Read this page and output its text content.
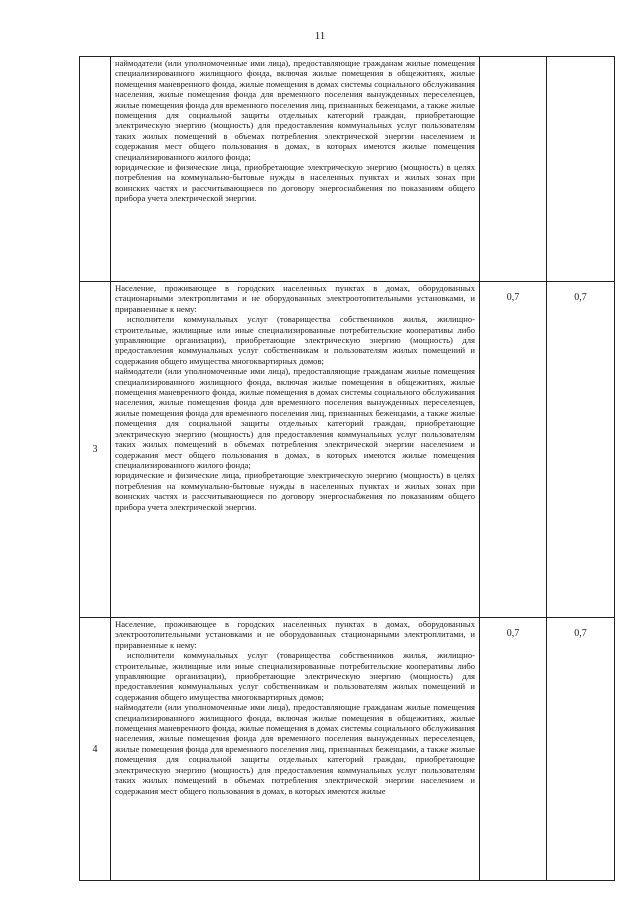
11

	наймодатели (или уполномоченные ими лица), предоставляющие гражданам жилые помещения специализированного жилищного фонда, включая жилые помещения в общежитиях, жилые помещения маневренного фонда, жилые помещения в домах системы социального обслуживания населения, жилые помещения фонда для временного поселения вынужденных переселенцев, жилые помещения фонда для временного поселения лиц, признанных беженцами, а также жилые помещения для социальной защиты отдельных категорий граждан, приобретающие электрическую энергию (мощность) для предоставления коммунальных услуг пользователям таких жилых помещений в объемах потребления электрической энергии населением и содержания мест общего пользования в домах, в которых имеются жилые помещения специализированного жилого фонда;

юридические и физические лица, приобретающие электрическую энергию (мощность) в целях потребления на коммунально-бытовые нужды в населенных пунктах и жилых зонах при воинских частях и рассчитывающиеся по договору энергоснабжения по показаниям общего прибора учета электрической энергии.		

3	Население, проживающее в городских населенных пунктах в домах, оборудованных стационарными электроплитами и не оборудованных электроотопительными установками, и приравненные к нему:

исполнители коммунальных услуг (товарищества собственников жилья, жилищно-строительные, жилищные или иные специализированные потребительские кооперативы либо управляющие организации), приобретающие электрическую энергию (мощность) для предоставления коммунальных услуг собственникам и пользователям жилых помещений и содержания общего имущества многоквартирных домов;

наймодатели (или уполномоченные ими лица), предоставляющие гражданам жилые помещения специализированного жилищного фонда, включая жилые помещения в общежитиях, жилые помещения маневренного фонда, жилые помещения в домах системы социального обслуживания населения, жилые помещения фонда для временного поселения вынужденных переселенцев, жилые помещения фонда для временного поселения лиц, признанных беженцами, а также жилые помещения для социальной защиты отдельных категорий граждан, приобретающие электрическую энергию (мощность) для предоставления коммунальных услуг пользователям таких жилых помещений в объемах потребления электрической энергии населением и содержания мест общего пользования в домах, в которых имеются жилые помещения специализированного жилого фонда;

юридические и физические лица, приобретающие электрическую энергию (мощность) в целях потребления на коммунально-бытовые нужды в населенных пунктах и жилых зонах при воинских частях и рассчитывающиеся по договору энергоснабжения по показаниям общего прибора учета электрической энергии.	0,7	0,7
4	Население, проживающее в городских населенных пунктах в домах, оборудованных электроотопительными установками и не оборудованных стационарными электроплитами, и приравненные к нему:

исполнители коммунальных услуг (товарищества собственников жилья, жилищно-строительные, жилищные или иные специализированные потребительские кооперативы либо управляющие организации), приобретающие электрическую энергию (мощность) для предоставления коммунальных услуг собственникам и пользователям жилых помещений и содержания общего имущества многоквартирных домов;

наймодатели (или уполномоченные ими лица), предоставляющие гражданам жилые помещения специализированного жилищного фонда, включая жилые помещения в общежитиях, жилые помещения маневренного фонда, жилые помещения в домах системы социального обслуживания населения, жилые помещения фонда для временного поселения вынужденных переселенцев, жилые помещения фонда для временного поселения лиц, признанных беженцами, а также жилые помещения для социальной защиты отдельных категорий граждан, приобретающие электрическую энергию (мощность) для предоставления коммунальных услуг пользователям таких жилых помещений в объемах потребления электрической энергии населением и содержания мест общего пользования в домах, в которых имеются жилые	0,7	0,7
